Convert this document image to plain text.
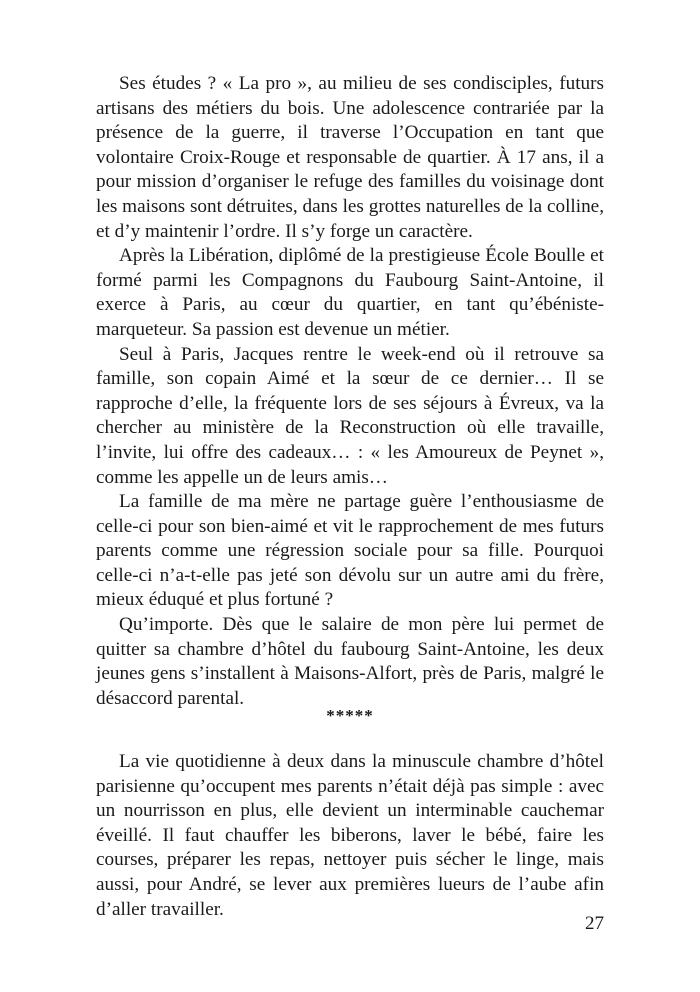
Ses études ? « La pro », au milieu de ses condisciples, futurs artisans des métiers du bois. Une adolescence contrariée par la présence de la guerre, il traverse l’Occupation en tant que volontaire Croix-Rouge et responsable de quartier. À 17 ans, il a pour mission d’organiser le refuge des familles du voisinage dont les maisons sont détruites, dans les grottes naturelles de la colline, et d’y maintenir l’ordre. Il s’y forge un caractère.

Après la Libération, diplômé de la prestigieuse École Boulle et formé parmi les Compagnons du Faubourg Saint-Antoine, il exerce à Paris, au cœur du quartier, en tant qu’ébéniste-marqueteur. Sa passion est devenue un métier.

Seul à Paris, Jacques rentre le week-end où il retrouve sa famille, son copain Aimé et la sœur de ce dernier… Il se rapproche d’elle, la fréquente lors de ses séjours à Évreux, va la chercher au ministère de la Reconstruction où elle travaille, l’invite, lui offre des cadeaux… : « les Amoureux de Peynet », comme les appelle un de leurs amis…

La famille de ma mère ne partage guère l’enthousiasme de celle-ci pour son bien-aimé et vit le rapprochement de mes futurs parents comme une régression sociale pour sa fille. Pourquoi celle-ci n’a-t-elle pas jeté son dévolu sur un autre ami du frère, mieux éduqué et plus fortuné ?

Qu’importe. Dès que le salaire de mon père lui permet de quitter sa chambre d’hôtel du faubourg Saint-Antoine, les deux jeunes gens s’installent à Maisons-Alfort, près de Paris, malgré le désaccord parental.

*****

La vie quotidienne à deux dans la minuscule chambre d’hôtel parisienne qu’occupent mes parents n’était déjà pas simple : avec un nourrisson en plus, elle devient un interminable cauchemar éveillé. Il faut chauffer les biberons, laver le bébé, faire les courses, préparer les repas, nettoyer puis sécher le linge, mais aussi, pour André, se lever aux premières lueurs de l’aube afin d’aller travailler.

27
